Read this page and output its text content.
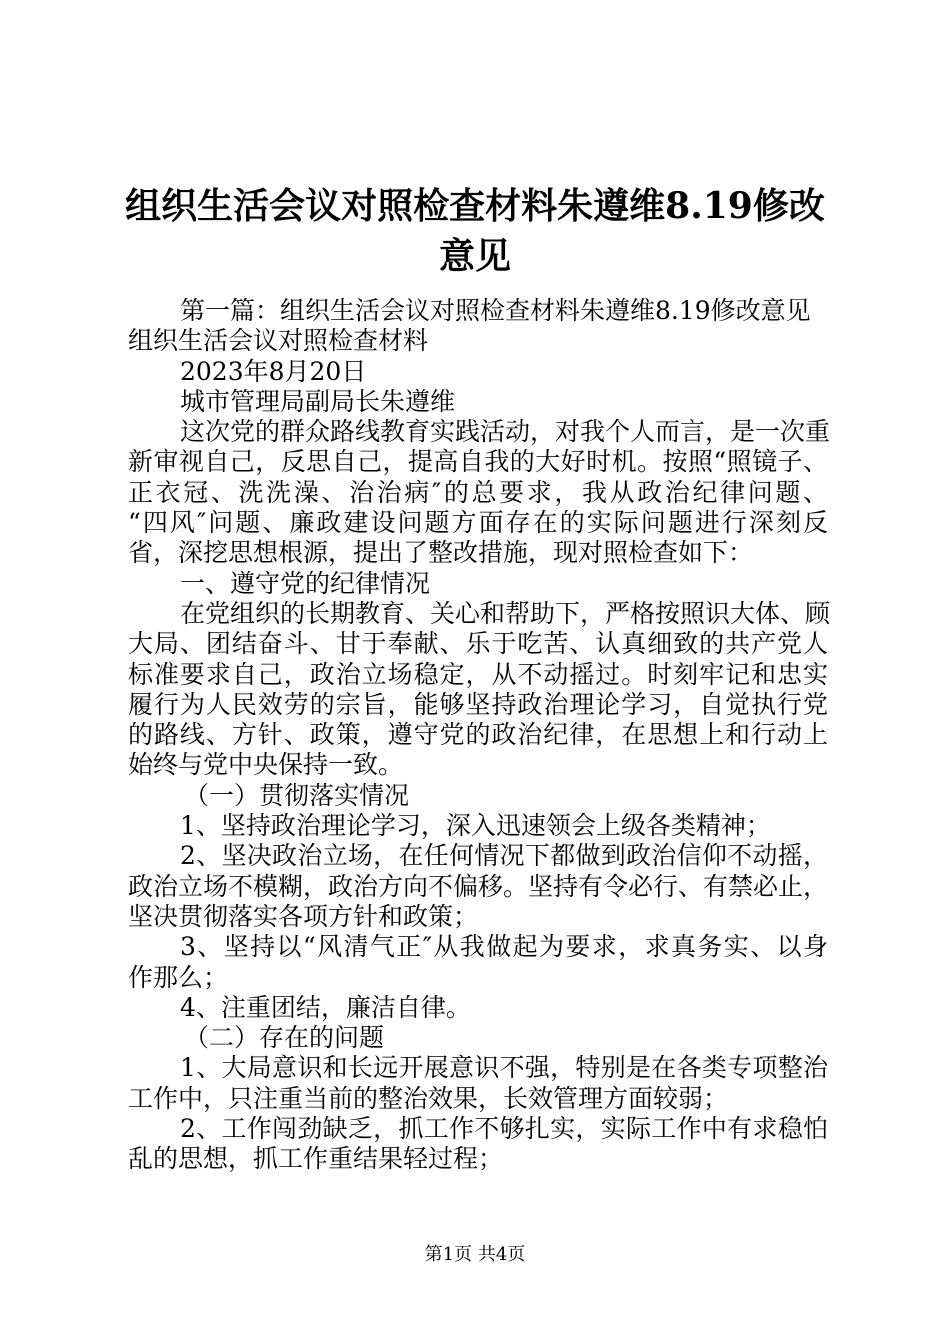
组织生活会议对照检查材料朱遵维8.19修改
意见
第一篇：组织生活会议对照检查材料朱遵维8.19修改意见
组织生活会议对照检查材料
2023年8月20日
城市管理局副局长朱遵维
这次党的群众路线教育实践活动，对我个人而言，是一次重
新审视自己，反思自己，提高自我的大好时机。按照“照镜子、
正衣冠、洗洗澡、治治病″的总要求，我从政治纪律问题、
“四风″问题、廉政建设问题方面存在的实际问题进行深刻反
省，深挖思想根源，提出了整改措施，现对照检查如下：
一、遵守党的纪律情况
在党组织的长期教育、关心和帮助下，严格按照识大体、顾
大局、团结奋斗、甘于奉献、乐于吃苦、认真细致的共产党人
标准要求自己，政治立场稳定，从不动摇过。时刻牢记和忠实
履行为人民效劳的宗旨，能够坚持政治理论学习，自觉执行党
的路线、方针、政策，遵守党的政治纪律，在思想上和行动上
始终与党中央保持一致。
（一）贯彻落实情况
1、坚持政治理论学习，深入迅速领会上级各类精神；
2、坚决政治立场，在任何情况下都做到政治信仰不动摇，
政治立场不模糊，政治方向不偏移。坚持有令必行、有禁必止，
坚决贯彻落实各项方针和政策；
3、坚持以“风清气正″从我做起为要求，求真务实、以身
作那么；
4、注重团结，廉洁自律。
（二）存在的问题
1、大局意识和长远开展意识不强，特别是在各类专项整治
工作中，只注重当前的整治效果，长效管理方面较弱；
2、工作闯劲缺乏，抓工作不够扎实，实际工作中有求稳怕
乱的思想，抓工作重结果轻过程；
第1页 共4页
